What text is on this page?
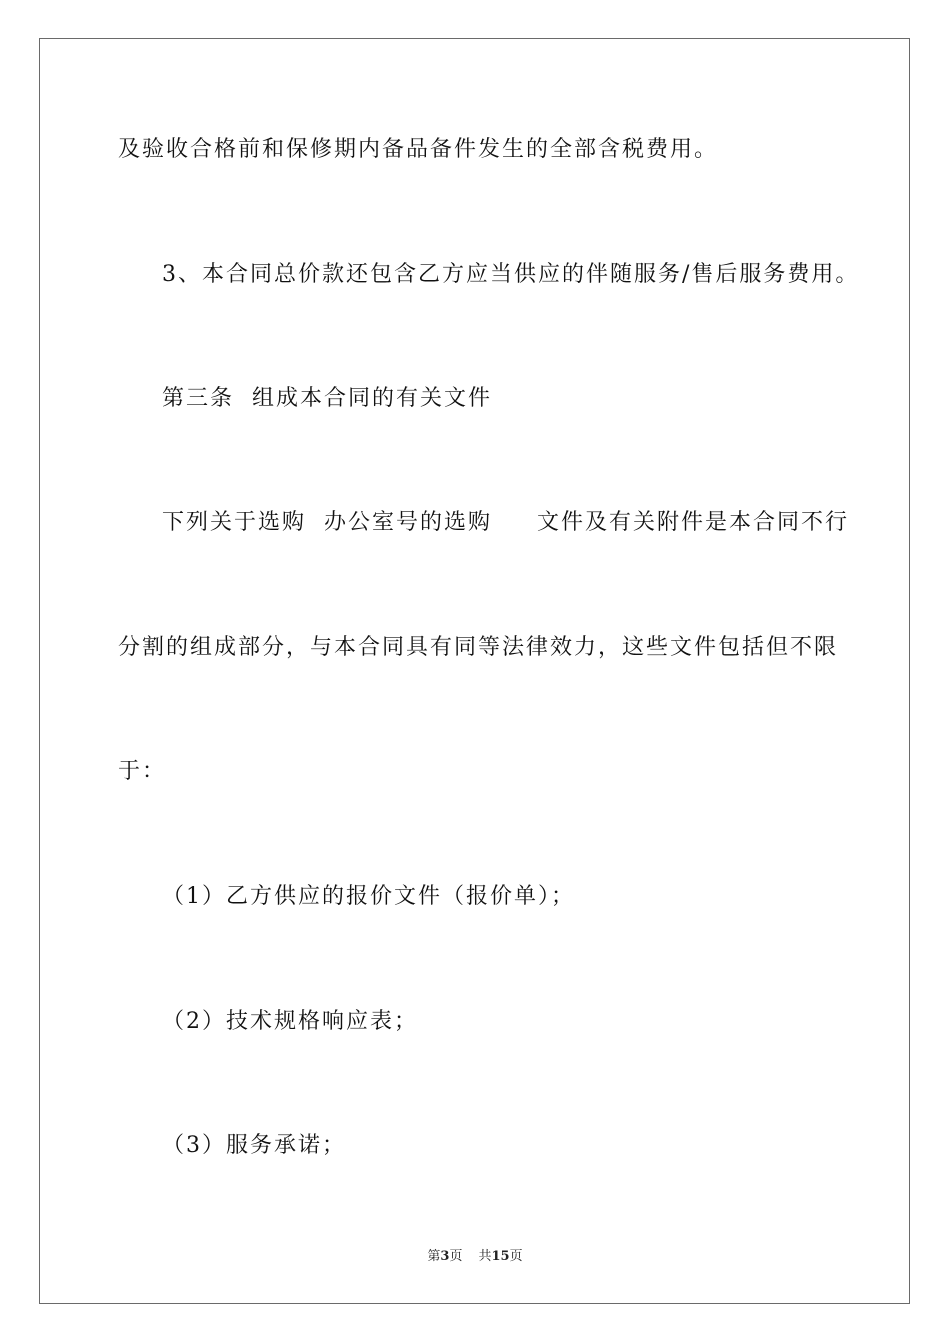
及验收合格前和保修期内备品备件发生的全部含税费用。

3、本合同总价款还包含乙方应当供应的伴随服务/售后服务费用。

第三条  组成本合同的有关文件

下列关于选购  办公室号的选购     文件及有关附件是本合同不行

分割的组成部分，与本合同具有同等法律效力，这些文件包括但不限

于：

（1）乙方供应的报价文件（报价单）；

（2）技术规格响应表；

（3）服务承诺；

第3页 共15页
